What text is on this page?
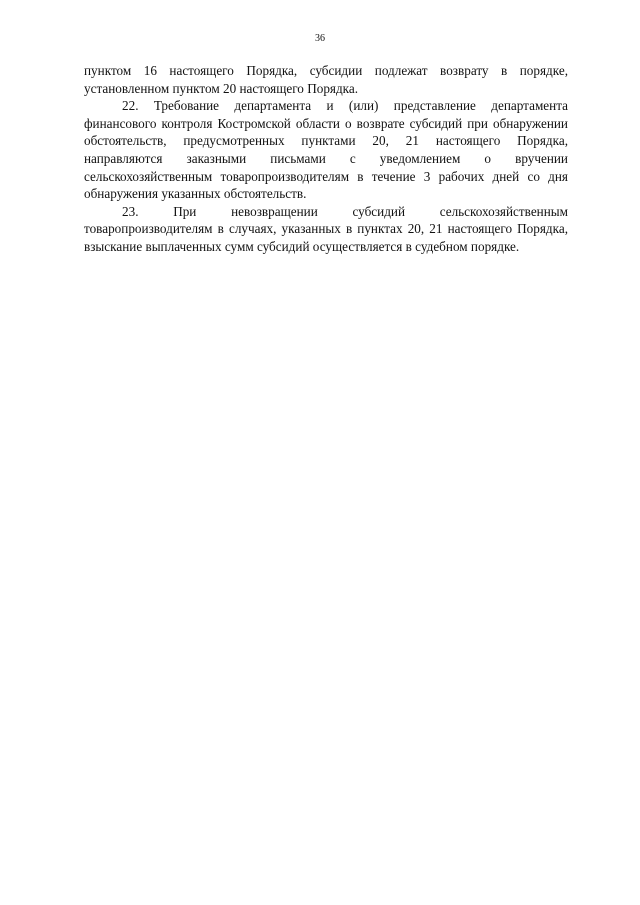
36

пунктом 16 настоящего Порядка, субсидии подлежат возврату в порядке, установленном пунктом 20 настоящего Порядка.

22. Требование департамента и (или) представление департамента финансового контроля Костромской области о возврате субсидий при обнаружении обстоятельств, предусмотренных пунктами 20, 21 настоящего Порядка, направляются заказными письмами с уведомлением о вручении сельскохозяйственным товаропроизводителям в течение 3 рабочих дней со дня обнаружения указанных обстоятельств.

23. При невозвращении субсидий сельскохозяйственным товаропроизводителям в случаях, указанных в пунктах 20, 21 настоящего Порядка, взыскание выплаченных сумм субсидий осуществляется в судебном порядке.
